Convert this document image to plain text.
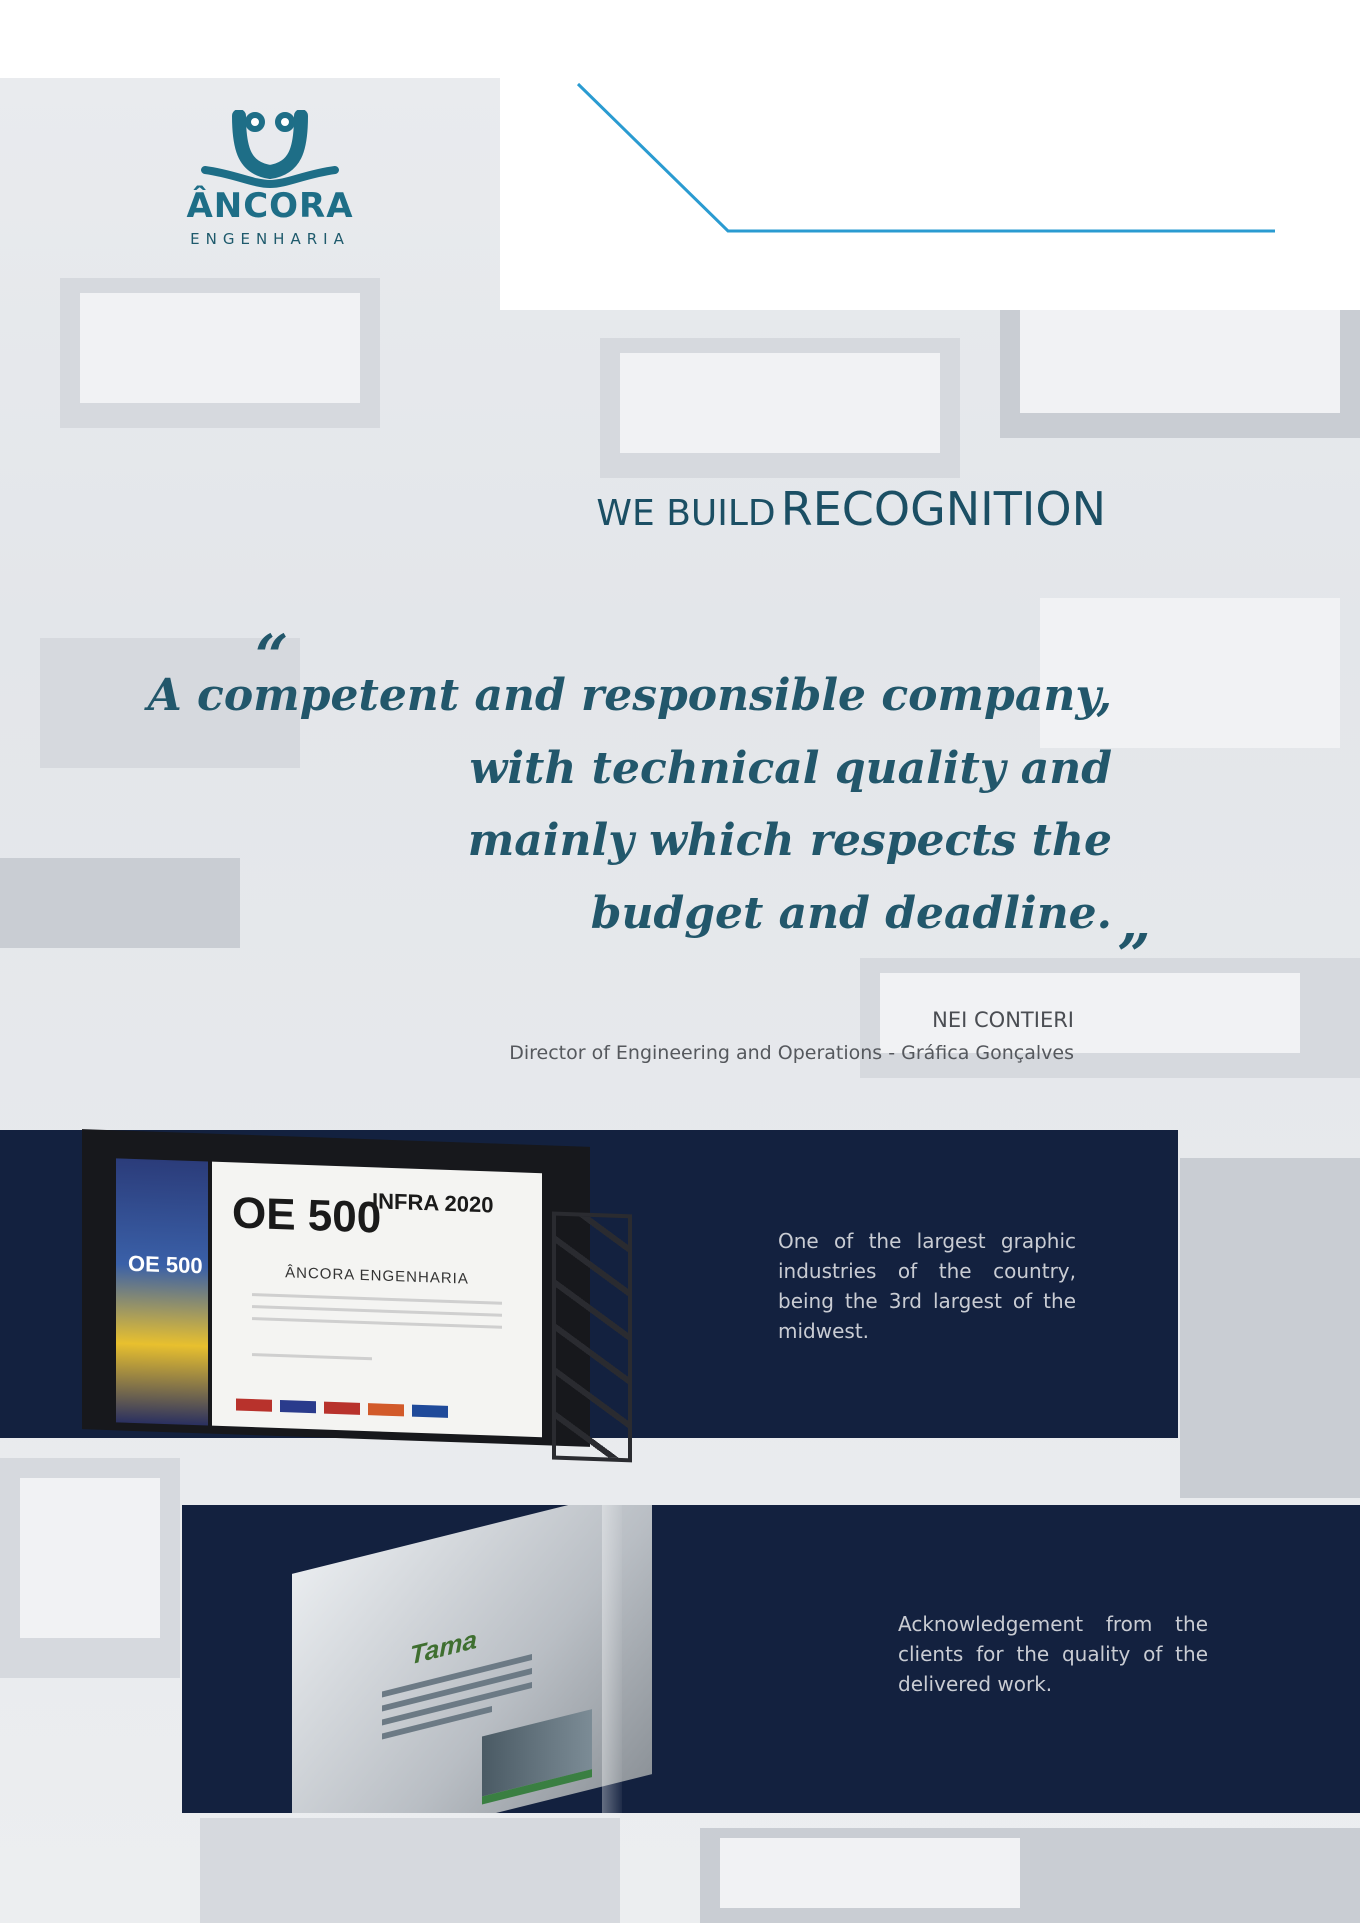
ÂNCORA
ENGENHARIA
WE BUILD RECOGNITION
“
A competent and responsible company,
with technical quality and
mainly which respects the
budget and deadline. „
NEI CONTIERI
Director of Engineering and Operations - Gráfica Gonçalves
One of the largest graphic industries of the country, being the 3rd largest of the midwest.
OE 500
OE 500
INFRA 2020
ÂNCORA ENGENHARIA
Tama	Acknowledgement from the clients for the quality of the delivered work.
